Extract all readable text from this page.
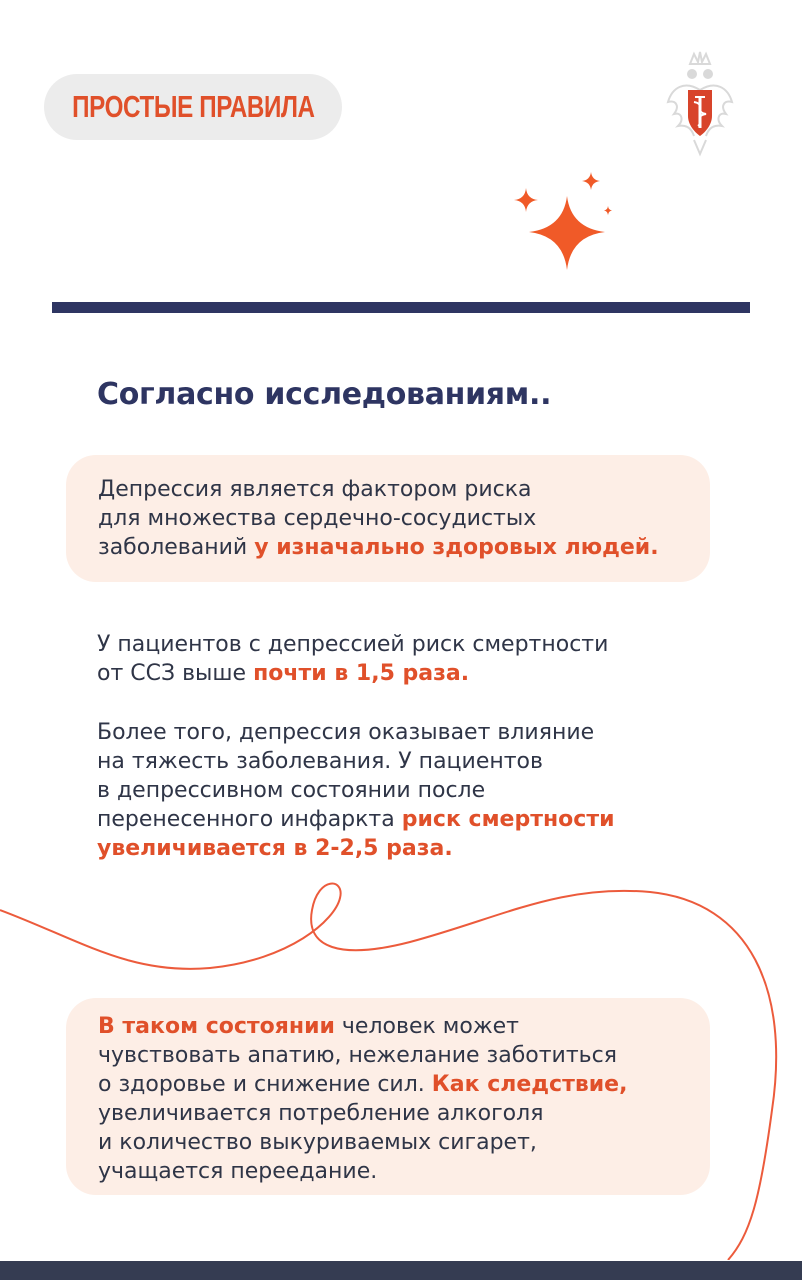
ПРОСТЫЕ ПРАВИЛА
Согласно исследованиям..

Депрессия является фактором риска
для множества сердечно-сосудистых
заболеваний у изначально здоровых людей.

У пациентов с депрессией риск смертности
от ССЗ выше почти в 1,5 раза.

Более того, депрессия оказывает влияние
на тяжесть заболевания. У пациентов
в депрессивном состоянии после
перенесенного инфаркта риск смертности
увеличивается в 2-2,5 раза.

В таком состоянии человек может
чувствовать апатию, нежелание заботиться
о здоровье и снижение сил. Как следствие,
увеличивается потребление алкоголя
и количество выкуриваемых сигарет,
учащается переедание.
